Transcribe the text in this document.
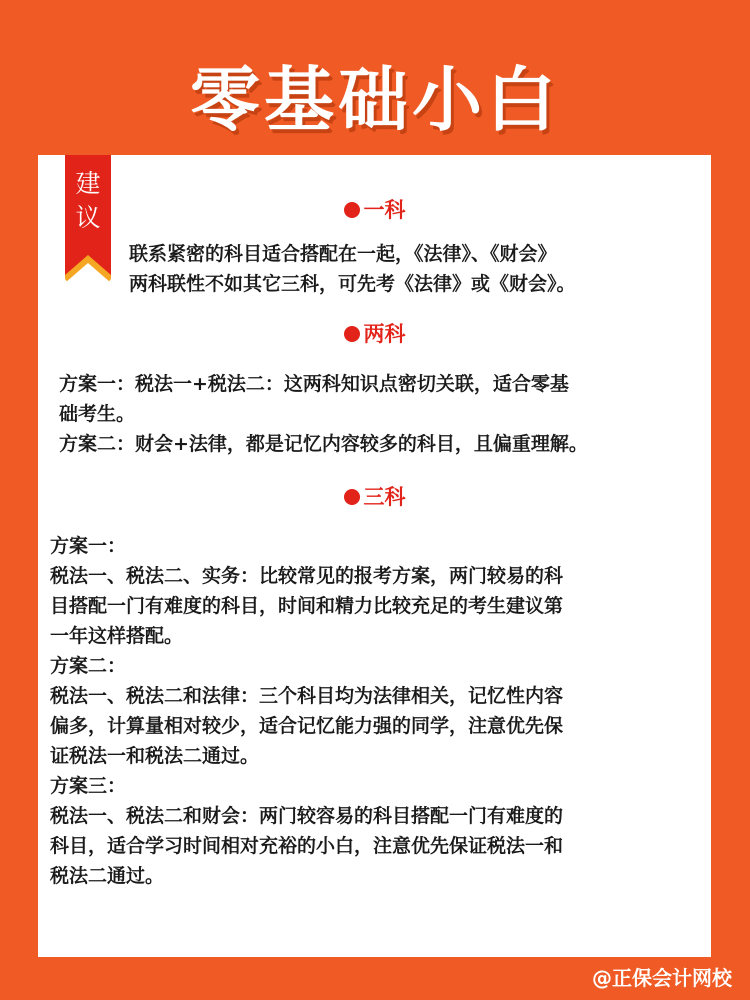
零基础小白
建
议	一科
联系紧密的科目适合搭配在一起，《法律》、《财会》
两科联性不如其它三科，可先考《法律》或《财会》。
两科
方案一：税法一+税法二：这两科知识点密切关联，适合零基
础考生。
方案二：财会+法律，都是记忆内容较多的科目，且偏重理解。
三科
方案一：
税法一、税法二、实务：比较常见的报考方案，两门较易的科
目搭配一门有难度的科目，时间和精力比较充足的考生建议第
一年这样搭配。
方案二：
税法一、税法二和法律：三个科目均为法律相关，记忆性内容
偏多，计算量相对较少，适合记忆能力强的同学，注意优先保
证税法一和税法二通过。
方案三：
税法一、税法二和财会：两门较容易的科目搭配一门有难度的
科目，适合学习时间相对充裕的小白，注意优先保证税法一和
税法二通过。
@正保会计网校
